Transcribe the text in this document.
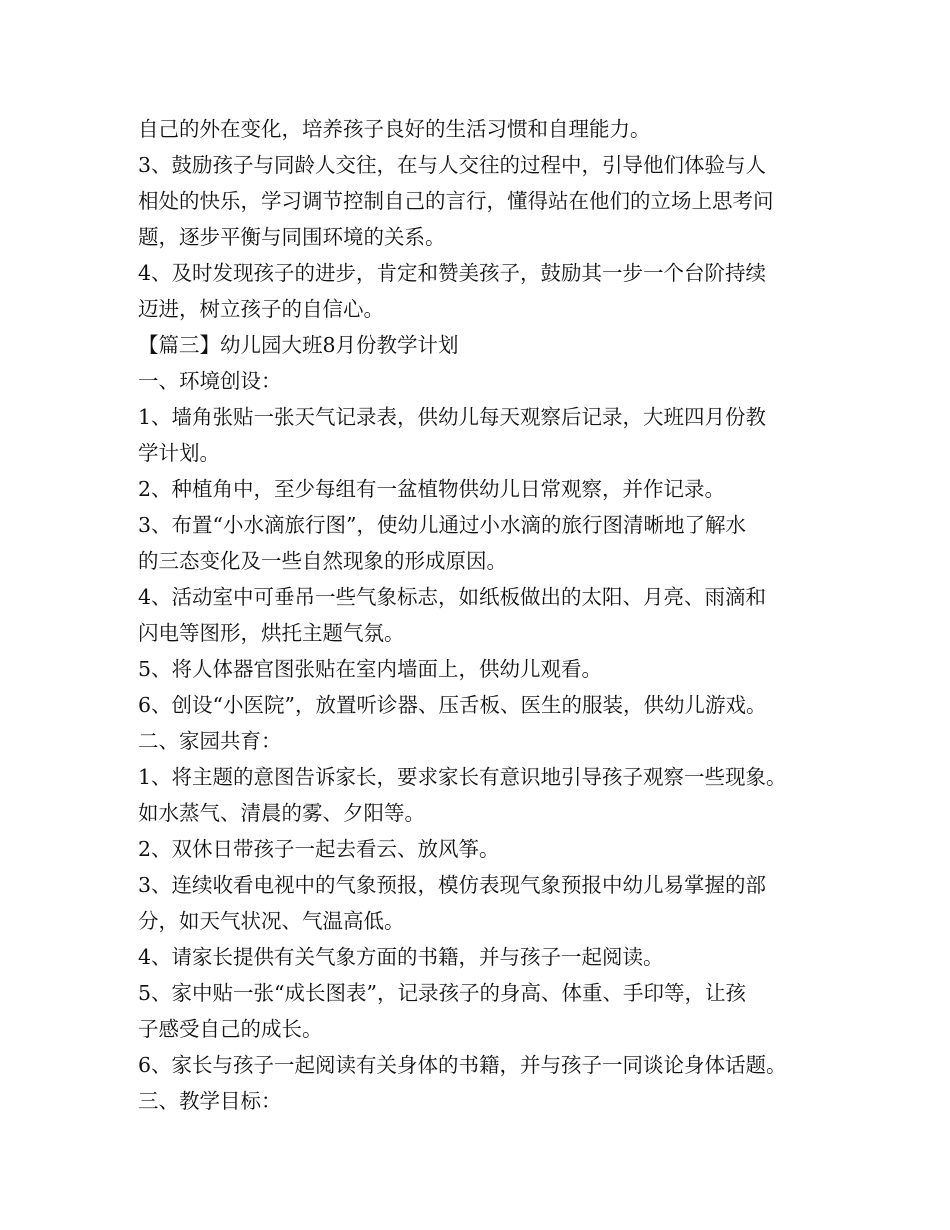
自己的外在变化，培养孩子良好的生活习惯和自理能力。
3、鼓励孩子与同龄人交往，在与人交往的过程中，引导他们体验与人
相处的快乐，学习调节控制自己的言行，懂得站在他们的立场上思考问
题，逐步平衡与同围环境的关系。
4、及时发现孩子的进步，肯定和赞美孩子，鼓励其一步一个台阶持续
迈进，树立孩子的自信心。
【篇三】幼儿园大班8月份教学计划
一、环境创设：
1、墙角张贴一张天气记录表，供幼儿每天观察后记录，大班四月份教
学计划。
2、种植角中，至少每组有一盆植物供幼儿日常观察，并作记录。
3、布置“小水滴旅行图”，使幼儿通过小水滴的旅行图清晰地了解水
的三态变化及一些自然现象的形成原因。
4、活动室中可垂吊一些气象标志，如纸板做出的太阳、月亮、雨滴和
闪电等图形，烘托主题气氛。
5、将人体器官图张贴在室内墙面上，供幼儿观看。
6、创设“小医院”，放置听诊器、压舌板、医生的服装，供幼儿游戏。
二、家园共育：
1、将主题的意图告诉家长，要求家长有意识地引导孩子观察一些现象。
如水蒸气、清晨的雾、夕阳等。
2、双休日带孩子一起去看云、放风筝。
3、连续收看电视中的气象预报，模仿表现气象预报中幼儿易掌握的部
分，如天气状况、气温高低。
4、请家长提供有关气象方面的书籍，并与孩子一起阅读。
5、家中贴一张“成长图表”，记录孩子的身高、体重、手印等，让孩
子感受自己的成长。
6、家长与孩子一起阅读有关身体的书籍，并与孩子一同谈论身体话题。
三、教学目标：
